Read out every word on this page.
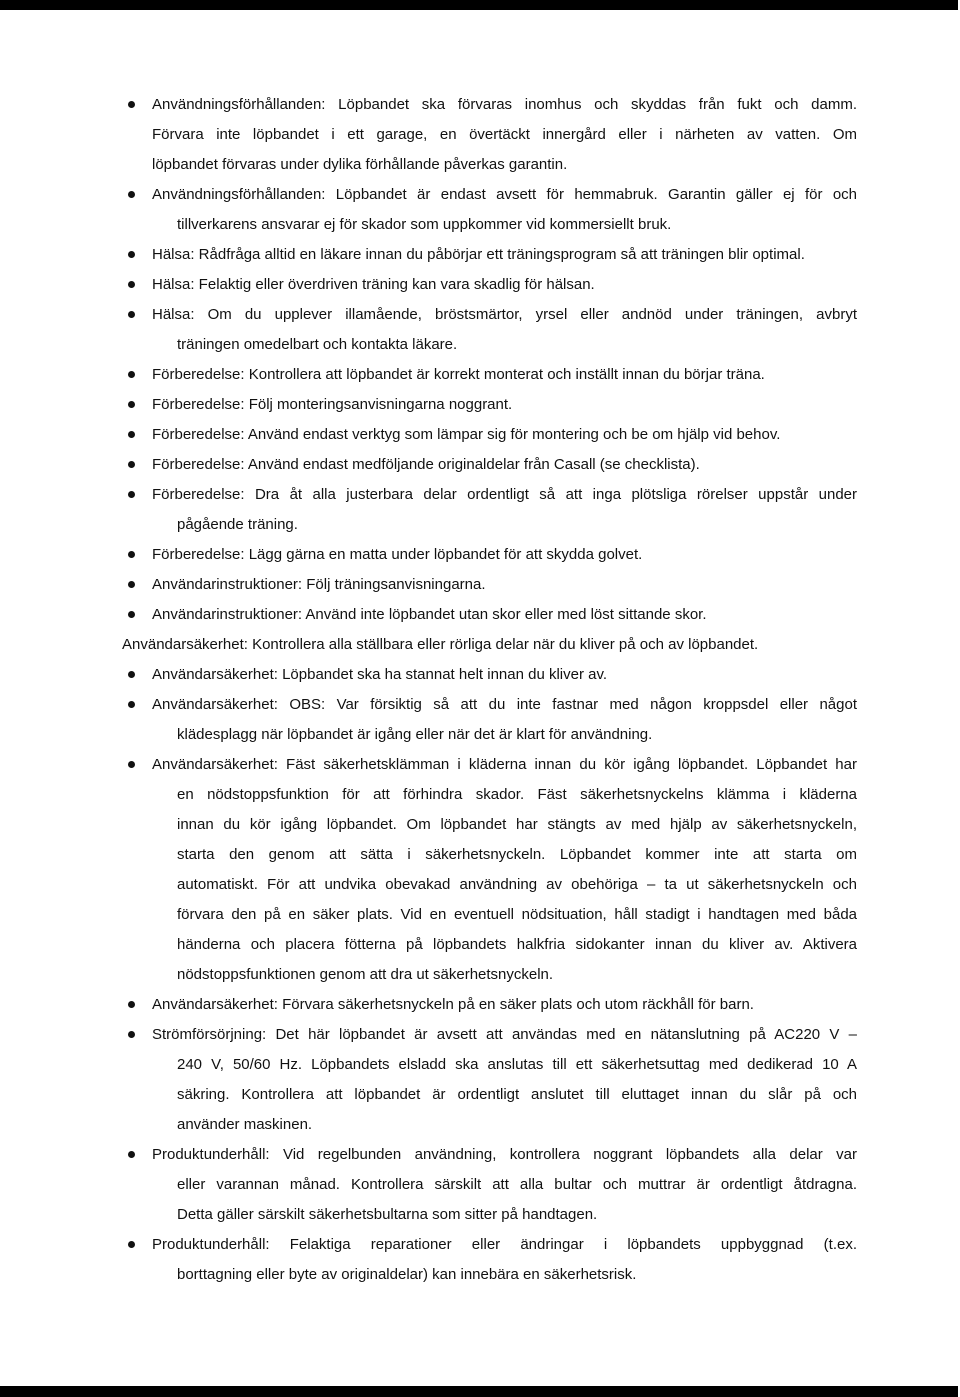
Användningsförhållanden: Löpbandet ska förvaras inomhus och skyddas från fukt och damm.
Förvara inte löpbandet i ett garage, en övertäckt innergård eller i närheten av vatten. Om
löpbandet förvaras under dylika förhållande påverkas garantin.
Användningsförhållanden: Löpbandet är endast avsett för hemmabruk. Garantin gäller ej för och
tillverkarens ansvarar ej för skador som uppkommer vid kommersiellt bruk.
Hälsa: Rådfråga alltid en läkare innan du påbörjar ett träningsprogram så att träningen blir optimal.
Hälsa: Felaktig eller överdriven träning kan vara skadlig för hälsan.
Hälsa: Om du upplever illamående, bröstsmärtor, yrsel eller andnöd under träningen, avbryt
träningen omedelbart och kontakta läkare.
Förberedelse: Kontrollera att löpbandet är korrekt monterat och inställt innan du börjar träna.
Förberedelse: Följ monteringsanvisningarna noggrant.
Förberedelse: Använd endast verktyg som lämpar sig för montering och be om hjälp vid behov.
Förberedelse: Använd endast medföljande originaldelar från Casall (se checklista).
Förberedelse: Dra åt alla justerbara delar ordentligt så att inga plötsliga rörelser uppstår under
pågående träning.
Förberedelse: Lägg gärna en matta under löpbandet för att skydda golvet.
Användarinstruktioner: Följ träningsanvisningarna.
Användarinstruktioner: Använd inte löpbandet utan skor eller med löst sittande skor.
Användarsäkerhet: Kontrollera alla ställbara eller rörliga delar när du kliver på och av löpbandet.
Användarsäkerhet: Löpbandet ska ha stannat helt innan du kliver av.
Användarsäkerhet: OBS: Var försiktig så att du inte fastnar med någon kroppsdel eller något
klädesplagg när löpbandet är igång eller när det är klart för användning.
Användarsäkerhet: Fäst säkerhetsklämman i kläderna innan du kör igång löpbandet. Löpbandet har
en nödstoppsfunktion för att förhindra skador. Fäst säkerhetsnyckelns klämma i kläderna
innan du kör igång löpbandet. Om löpbandet har stängts av med hjälp av säkerhetsnyckeln,
starta den genom att sätta i säkerhetsnyckeln. Löpbandet kommer inte att starta om
automatiskt. För att undvika obevakad användning av obehöriga – ta ut säkerhetsnyckeln och
förvara den på en säker plats. Vid en eventuell nödsituation, håll stadigt i handtagen med båda
händerna och placera fötterna på löpbandets halkfria sidokanter innan du kliver av. Aktivera
nödstoppsfunktionen genom att dra ut säkerhetsnyckeln.
Användarsäkerhet: Förvara säkerhetsnyckeln på en säker plats och utom räckhåll för barn.
Strömförsörjning: Det här löpbandet är avsett att användas med en nätanslutning på AC220 V –
240 V, 50/60 Hz. Löpbandets elsladd ska anslutas till ett säkerhetsuttag med dedikerad 10 A
säkring. Kontrollera att löpbandet är ordentligt anslutet till eluttaget innan du slår på och
använder maskinen.
Produktunderhåll: Vid regelbunden användning, kontrollera noggrant löpbandets alla delar var
eller varannan månad. Kontrollera särskilt att alla bultar och muttrar är ordentligt åtdragna.
Detta gäller särskilt säkerhetsbultarna som sitter på handtagen.
Produktunderhåll: Felaktiga reparationer eller ändringar i löpbandets uppbyggnad (t.ex.
borttagning eller byte av originaldelar) kan innebära en säkerhetsrisk.
